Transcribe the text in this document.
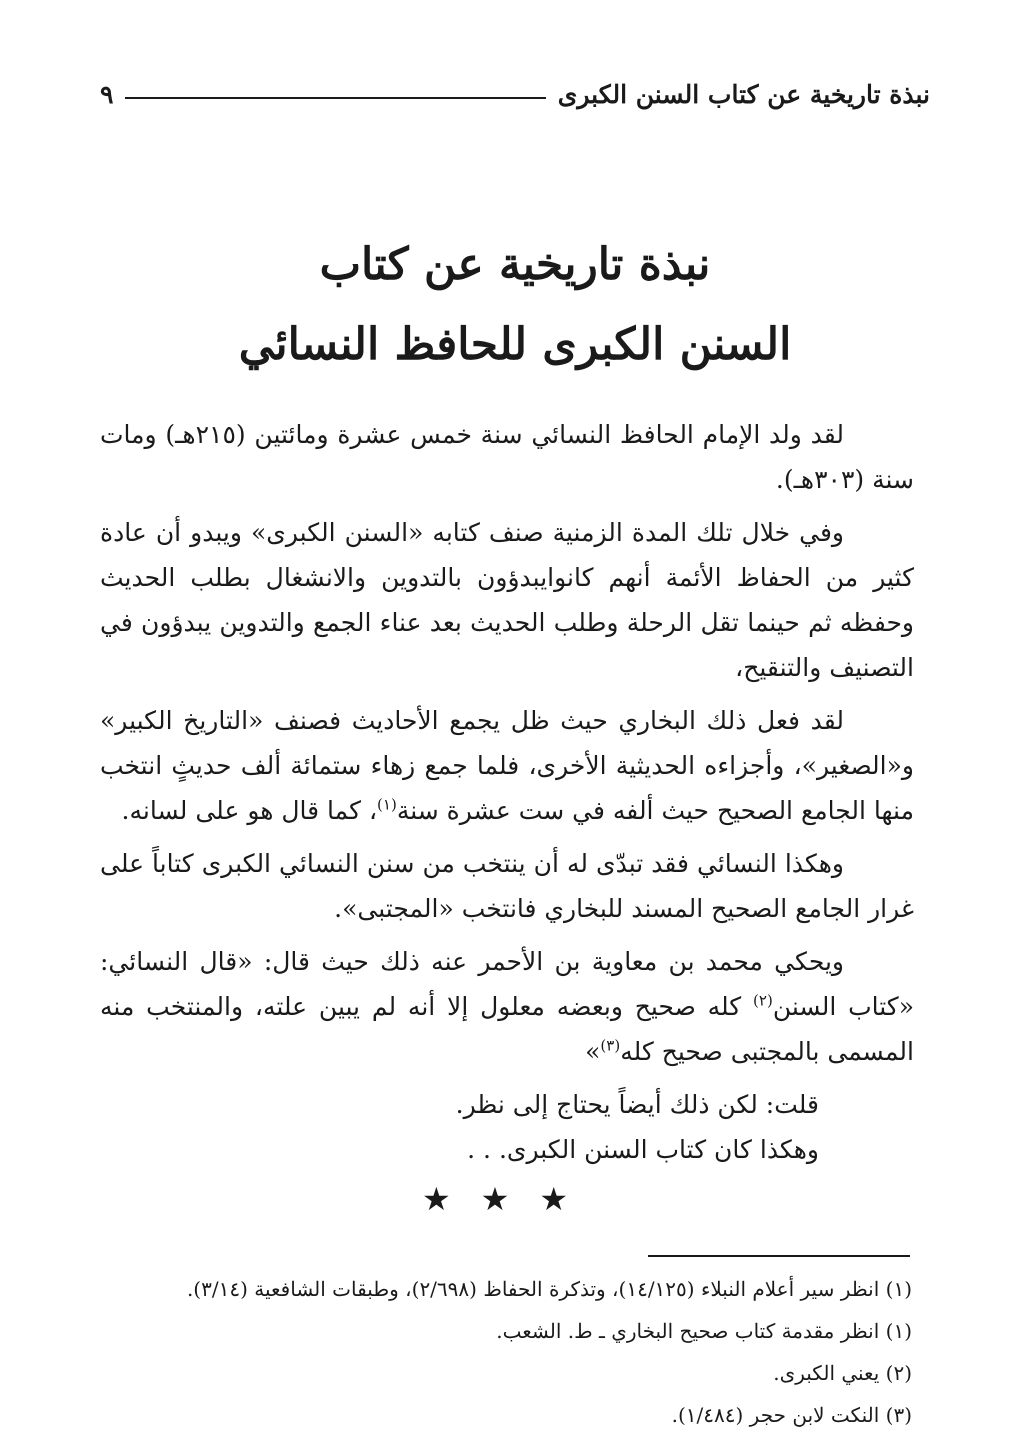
نبذة تاريخية عن كتاب السنن الكبرى
٩
نبذة تاريخية عن كتاب
السنن الكبرى للحافظ النسائي

لقد ولد الإمام الحافظ النسائي سنة خمس عشرة ومائتين (٢١٥هـ) ومات سنة (٣٠٣هـ).

وفي خلال تلك المدة الزمنية صنف كتابه «السنن الكبرى» ويبدو أن عادة كثير من الحفاظ الأئمة أنهم كانوايبدؤون بالتدوين والانشغال بطلب الحديث وحفظه ثم حينما تقل الرحلة وطلب الحديث بعد عناء الجمع والتدوين يبدؤون في التصنيف والتنقيح،

لقد فعل ذلك البخاري حيث ظل يجمع الأحاديث فصنف «التاريخ الكبير» و«الصغير»، وأجزاءه الحديثية الأخرى، فلما جمع زهاء ستمائة ألف حديثٍ انتخب منها الجامع الصحيح حيث ألفه في ست عشرة سنة$^{(١)}$، كما قال هو على لسانه.

وهكذا النسائي فقد تبدّى له أن ينتخب من سنن النسائي الكبرى كتاباً على غرار الجامع الصحيح المسند للبخاري فانتخب «المجتبى».

ويحكي محمد بن معاوية بن الأحمر عنه ذلك حيث قال: «قال النسائي: «كتاب السنن$^{(٢)}$ كله صحيح وبعضه معلول إلا أنه لم يبين علته، والمنتخب منه المسمى بالمجتبى صحيح كله$^{(٣)}$»

قلت: لكن ذلك أيضاً يحتاج إلى نظر.

وهكذا كان كتاب السنن الكبرى. . .

★★★
(١) انظر سير أعلام النبلاء (١٤/١٢٥)، وتذكرة الحفاظ (٢/٦٩٨)، وطبقات الشافعية (٣/١٤).
(١) انظر مقدمة كتاب صحيح البخاري ـ ط. الشعب.
(٢) يعني الكبرى.
(٣) النكت لابن حجر (١/٤٨٤).
